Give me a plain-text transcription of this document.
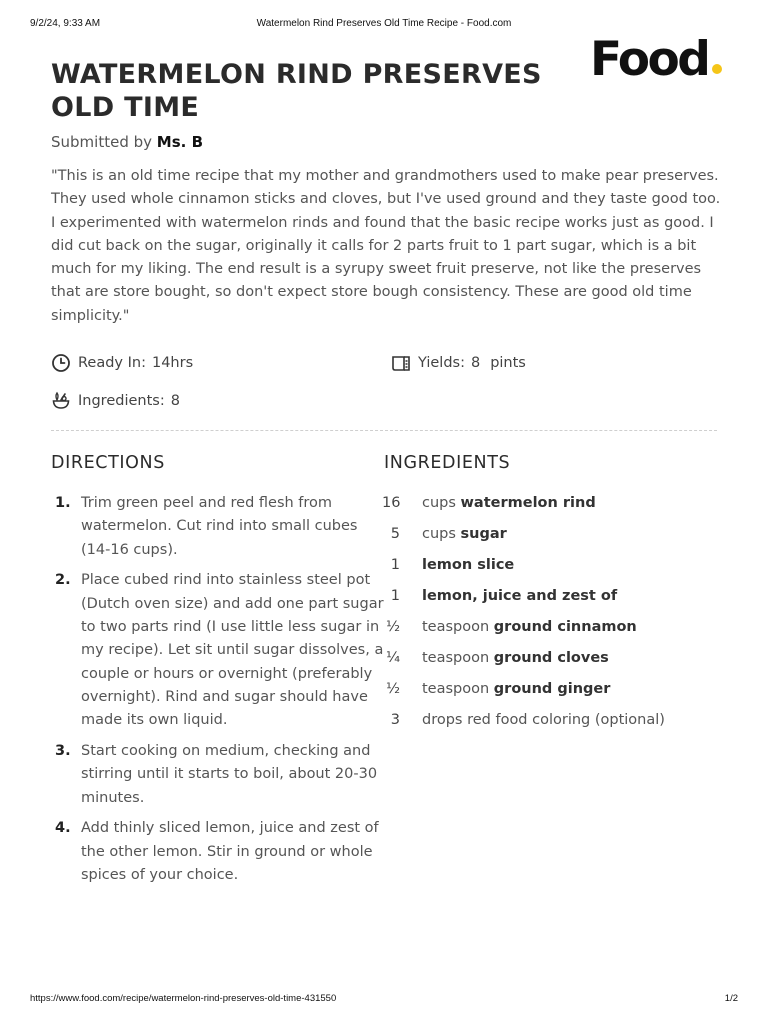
9/2/24, 9:33 AM	Watermelon Rind Preserves Old Time Recipe - Food.com
Food
WATERMELON RIND PRESERVES OLD TIME
Submitted by Ms. B

"This is an old time recipe that my mother and grandmothers used to make pear preserves. They used whole cinnamon sticks and cloves, but I've used ground and they taste good too. I experimented with watermelon rinds and found that the basic recipe works just as good. I did cut back on the sugar, originally it calls for 2 parts fruit to 1 part sugar, which is a bit much for my liking. The end result is a syrupy sweet fruit preserve, not like the preserves that are store bought, so don't expect store bough consistency. These are good old time simplicity."

Ready In: 14hrs	Yields: 8 pints
Ingredients: 8
DIRECTIONS	INGREDIENTS
1. Trim green peel and red flesh from watermelon. Cut rind into small cubes (14-16 cups).
2. Place cubed rind into stainless steel pot (Dutch oven size) and add one part sugar to two parts rind (I use little less sugar in my recipe). Let sit until sugar dissolves, a couple or hours or overnight (preferably overnight). Rind and sugar should have made its own liquid.
3. Start cooking on medium, checking and stirring until it starts to boil, about 20-30 minutes.
4. Add thinly sliced lemon, juice and zest of the other lemon. Stir in ground or whole spices of your choice.
16 cups watermelon rind
5 cups sugar
1 lemon slice
1 lemon, juice and zest of
½ teaspoon ground cinnamon
¼ teaspoon ground cloves
½ teaspoon ground ginger
3 drops red food coloring (optional)
https://www.food.com/recipe/watermelon-rind-preserves-old-time-431550	1/2
